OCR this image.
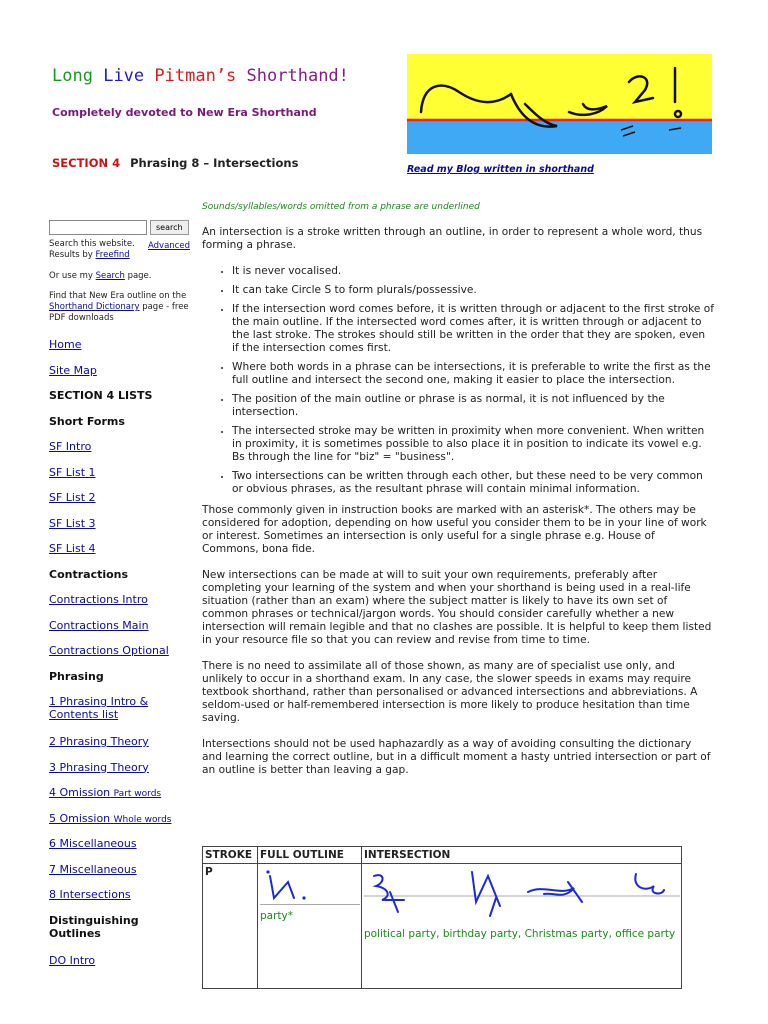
Long Live Pitman’s Shorthand!

Completely devoted to New Era Shorthand

SECTION 4 Phrasing 8 – Intersections	Read my Blog written in shorthand
Sounds/syllables/words omitted from a phrase are underlined
search
Search this website.
Results by Freefind
Advanced

Or use my Search page.

Find that New Era outline on the Shorthand Dictionary page - free PDF downloads

Home
Site Map
SECTION 4 LISTS
Short Forms
SF Intro
SF List 1
SF List 2
SF List 3
SF List 4
Contractions
Contractions Intro
Contractions Main
Contractions Optional
Phrasing
1 Phrasing Intro & Contents list
2 Phrasing Theory
3 Phrasing Theory
4 Omission Part words
5 Omission Whole words
6 Miscellaneous
7 Miscellaneous
8 Intersections
Distinguishing Outlines
DO Intro

An intersection is a stroke written through an outline, in order to represent a whole word, thus forming a phrase.

• It is never vocalised.
• It can take Circle S to form plurals/possessive.
• If the intersection word comes before, it is written through or adjacent to the first stroke of the main outline. If the intersected word comes after, it is written through or adjacent to the last stroke. The strokes should still be written in the order that they are spoken, even if the intersection comes first.
• Where both words in a phrase can be intersections, it is preferable to write the first as the full outline and intersect the second one, making it easier to place the intersection.
• The position of the main outline or phrase is as normal, it is not influenced by the intersection.
• The intersected stroke may be written in proximity when more convenient. When written in proximity, it is sometimes possible to also place it in position to indicate its vowel e.g. Bs through the line for "biz" = "business".
• Two intersections can be written through each other, but these need to be very common or obvious phrases, as the resultant phrase will contain minimal information.

Those commonly given in instruction books are marked with an asterisk*. The others may be considered for adoption, depending on how useful you consider them to be in your line of work or interest. Sometimes an intersection is only useful for a single phrase e.g. House of Commons, bona fide.

New intersections can be made at will to suit your own requirements, preferably after completing your learning of the system and when your shorthand is being used in a real-life situation (rather than an exam) where the subject matter is likely to have its own set of common phrases or technical/jargon words. You should consider carefully whether a new intersection will remain legible and that no clashes are possible. It is helpful to keep them listed in your resource file so that you can review and revise from time to time.

There is no need to assimilate all of those shown, as many are of specialist use only, and unlikely to occur in a shorthand exam. In any case, the slower speeds in exams may require textbook shorthand, rather than personalised or advanced intersections and abbreviations. A seldom-used or half-remembered intersection is more likely to produce hesitation than time saving.

Intersections should not be used haphazardly as a way of avoiding consulting the dictionary and learning the correct outline, but in a difficult moment a hasty untried intersection or part of an outline is better than leaving a gap.

STROKE	FULL OUTLINE	INTERSECTION
P	party*	political party, birthday party, Christmas party, office party
